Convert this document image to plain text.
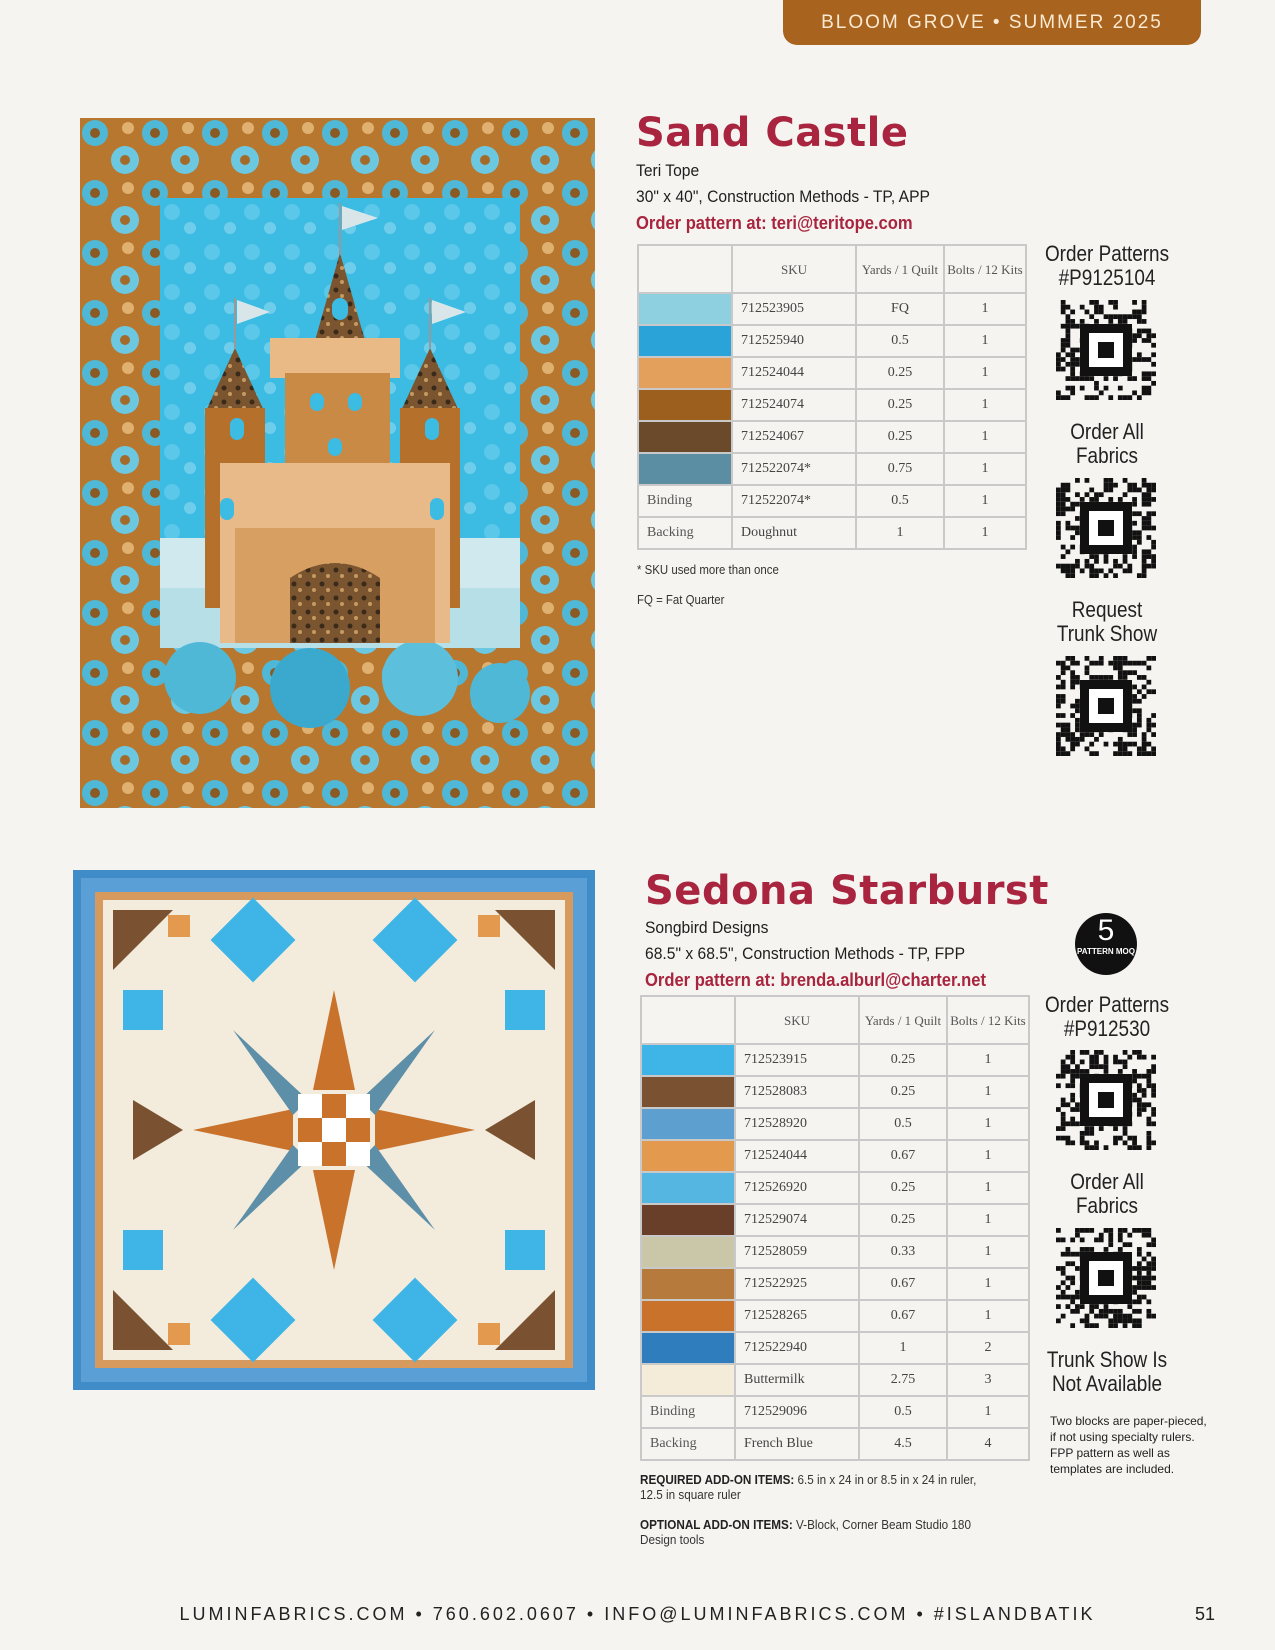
BLOOM GROVE • SUMMER 2025
Sand Castle
Teri Tope
30" x 40", Construction Methods - TP, APP
Order pattern at: teri@teritope.com
	SKU	Yards / 1 Quilt	Bolts / 12 Kits
	712523905	FQ	1
	712525940	0.5	1
	712524044	0.25	1
	712524074	0.25	1
	712524067	0.25	1
	712522074*	0.75	1
Binding	712522074*	0.5	1
Backing	Doughnut	1	1
* SKU used more than once
FQ = Fat Quarter
Order Patterns
#P9125104
Order All Fabrics
Request Trunk Show
Sedona Starburst
Songbird Designs
68.5" x 68.5", Construction Methods - TP, FPP
Order pattern at: brenda.alburl@charter.net
5
PATTERN MOQ
	SKU	Yards / 1 Quilt	Bolts / 12 Kits
	712523915	0.25	1
	712528083	0.25	1
	712528920	0.5	1
	712524044	0.67	1
	712526920	0.25	1
	712529074	0.25	1
	712528059	0.33	1
	712522925	0.67	1
	712528265	0.67	1
	712522940	1	2
	Buttermilk	2.75	3
Binding	712529096	0.5	1
Backing	French Blue	4.5	4
REQUIRED ADD-ON ITEMS: 6.5 in x 24 in or 8.5 in x 24 in ruler, 12.5 in square ruler
OPTIONAL ADD-ON ITEMS: V-Block, Corner Beam Studio 180 Design tools
Order Patterns
#P912530
Order All Fabrics
Trunk Show Is Not Available
Two blocks are paper-pieced, if not using specialty rulers. FPP pattern as well as templates are included.
LUMINFABRICS.COM • 760.602.0607 • INFO@LUMINFABRICS.COM • #ISLANDBATIK	51
